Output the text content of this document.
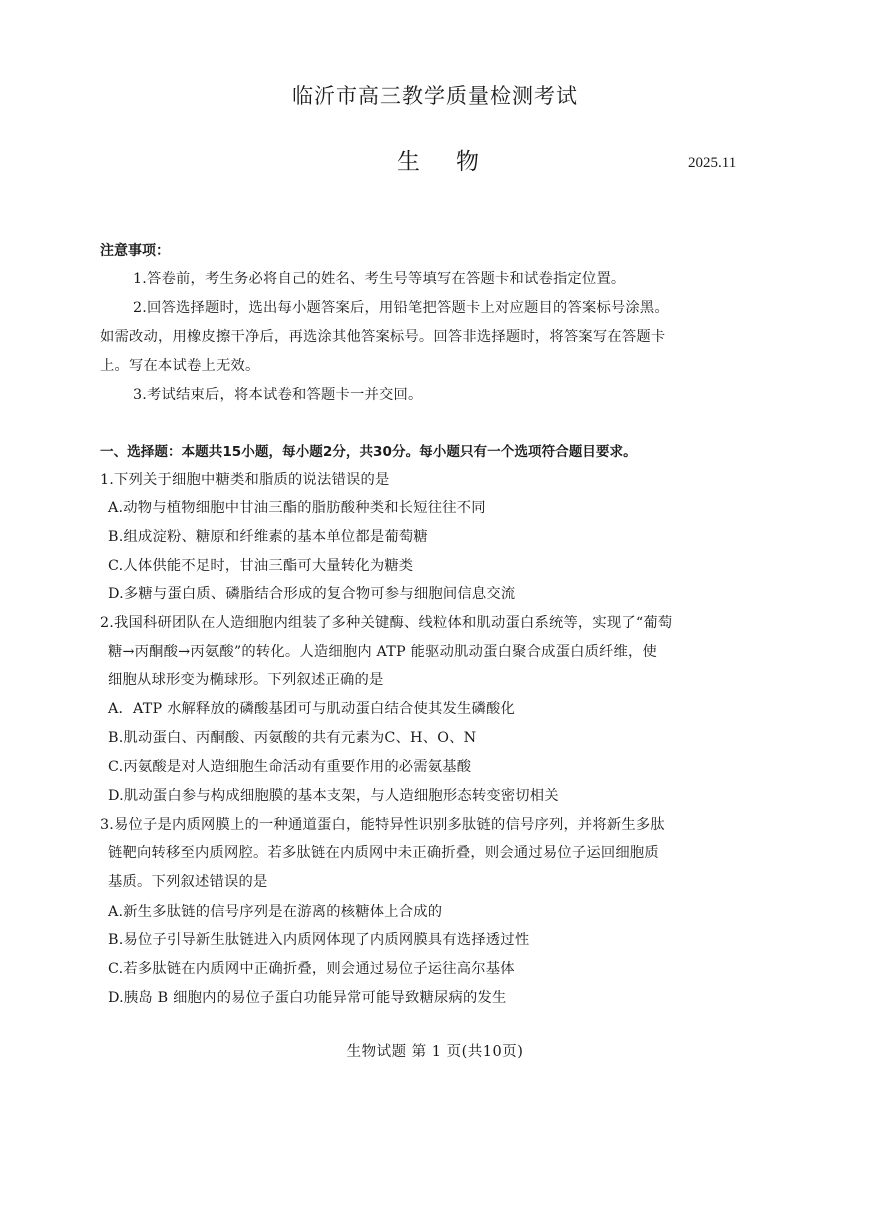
临沂市高三教学质量检测考试
生物	2025.11
注意事项：
1.答卷前，考生务必将自己的姓名、考生号等填写在答题卡和试卷指定位置。
2.回答选择题时，选出每小题答案后，用铅笔把答题卡上对应题目的答案标号涂黑。
如需改动，用橡皮擦干净后，再选涂其他答案标号。回答非选择题时，将答案写在答题卡
上。写在本试卷上无效。
3.考试结束后，将本试卷和答题卡一并交回。
一、选择题：本题共15小题，每小题2分，共30分。每小题只有一个选项符合题目要求。
1.下列关于细胞中糖类和脂质的说法错误的是
A.动物与植物细胞中甘油三酯的脂肪酸种类和长短往往不同
B.组成淀粉、糖原和纤维素的基本单位都是葡萄糖
C.人体供能不足时，甘油三酯可大量转化为糖类
D.多糖与蛋白质、磷脂结合形成的复合物可参与细胞间信息交流
2.我国科研团队在人造细胞内组装了多种关键酶、线粒体和肌动蛋白系统等，实现了“葡萄
糖→丙酮酸→丙氨酸”的转化。人造细胞内 ATP 能驱动肌动蛋白聚合成蛋白质纤维，使
细胞从球形变为椭球形。下列叙述正确的是
A．ATP 水解释放的磷酸基团可与肌动蛋白结合使其发生磷酸化
B.肌动蛋白、丙酮酸、丙氨酸的共有元素为C、H、O、N
C.丙氨酸是对人造细胞生命活动有重要作用的必需氨基酸
D.肌动蛋白参与构成细胞膜的基本支架，与人造细胞形态转变密切相关
3.易位子是内质网膜上的一种通道蛋白，能特异性识别多肽链的信号序列，并将新生多肽
链靶向转移至内质网腔。若多肽链在内质网中未正确折叠，则会通过易位子运回细胞质
基质。下列叙述错误的是
A.新生多肽链的信号序列是在游离的核糖体上合成的
B.易位子引导新生肽链进入内质网体现了内质网膜具有选择透过性
C.若多肽链在内质网中正确折叠，则会通过易位子运往高尔基体
D.胰岛 B 细胞内的易位子蛋白功能异常可能导致糖尿病的发生
生物试题 第 1 页(共10页)
